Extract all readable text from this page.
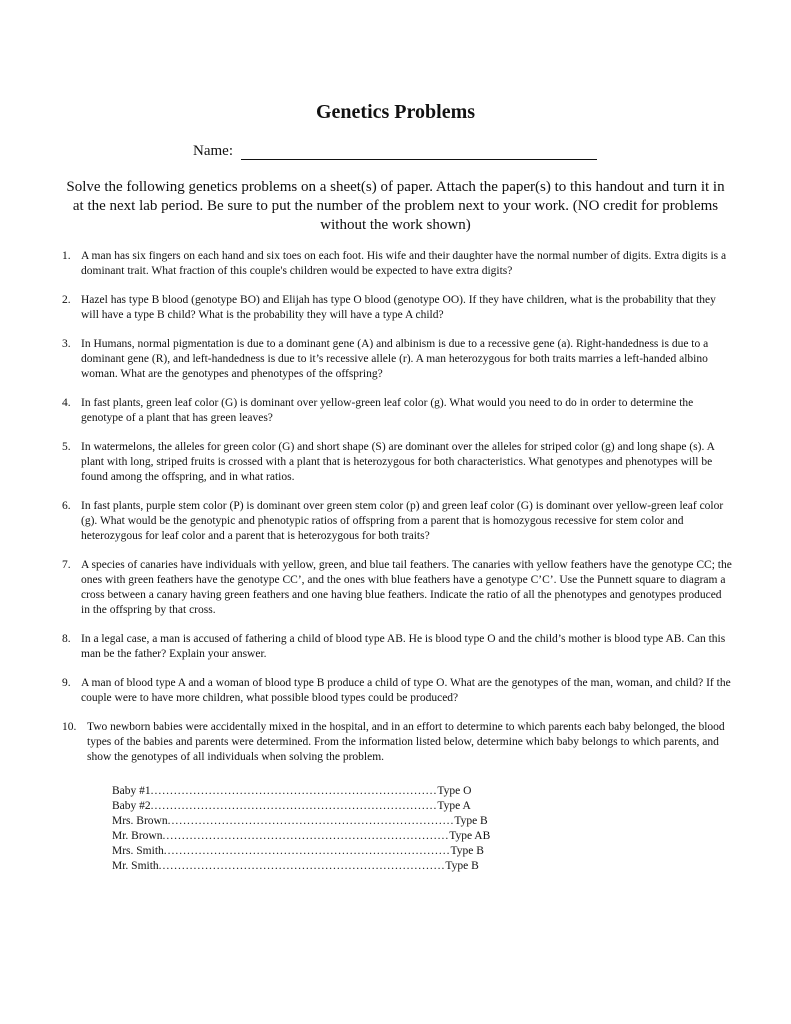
Genetics Problems
Name:
Solve the following genetics problems on a sheet(s) of paper. Attach the paper(s) to this handout and turn it in at the next lab period. Be sure to put the number of the problem next to your work. (NO credit for problems without the work shown)
1. A man has six fingers on each hand and six toes on each foot. His wife and their daughter have the normal number of digits. Extra digits is a dominant trait. What fraction of this couple's children would be expected to have extra digits?
2. Hazel has type B blood (genotype BO) and Elijah has type O blood (genotype OO). If they have children, what is the probability that they will have a type B child? What is the probability they will have a type A child?
3. In Humans, normal pigmentation is due to a dominant gene (A) and albinism is due to a recessive gene (a). Right-handedness is due to a dominant gene (R), and left-handedness is due to it’s recessive allele (r). A man heterozygous for both traits marries a left-handed albino woman. What are the genotypes and phenotypes of the offspring?
4. In fast plants, green leaf color (G) is dominant over yellow-green leaf color (g). What would you need to do in order to determine the genotype of a plant that has green leaves?
5. In watermelons, the alleles for green color (G) and short shape (S) are dominant over the alleles for striped color (g) and long shape (s). A plant with long, striped fruits is crossed with a plant that is heterozygous for both characteristics. What genotypes and phenotypes will be found among the offspring, and in what ratios.
6. In fast plants, purple stem color (P) is dominant over green stem color (p) and green leaf color (G) is dominant over yellow-green leaf color (g). What would be the genotypic and phenotypic ratios of offspring from a parent that is homozygous recessive for stem color and heterozygous for leaf color and a parent that is heterozygous for both traits?
7. A species of canaries have individuals with yellow, green, and blue tail feathers. The canaries with yellow feathers have the genotype CC; the ones with green feathers have the genotype CC’, and the ones with blue feathers have a genotype C’C’. Use the Punnett square to diagram a cross between a canary having green feathers and one having blue feathers. Indicate the ratio of all the phenotypes and genotypes produced in the offspring by that cross.
8. In a legal case, a man is accused of fathering a child of blood type AB. He is blood type O and the child’s mother is blood type AB. Can this man be the father? Explain your answer.
9. A man of blood type A and a woman of blood type B produce a child of type O. What are the genotypes of the man, woman, and child? If the couple were to have more children, what possible blood types could be produced?
10. Two newborn babies were accidentally mixed in the hospital, and in an effort to determine to which parents each baby belonged, the blood types of the babies and parents were determined. From the information listed below, determine which baby belongs to which parents, and show the genotypes of all individuals when solving the problem.
Baby #1 .......................................................................... Type O
Baby #2 .......................................................................... Type A
Mrs. Brown .......................................................................... Type B
Mr. Brown .......................................................................... Type AB
Mrs. Smith .......................................................................... Type B
Mr. Smith .......................................................................... Type B
